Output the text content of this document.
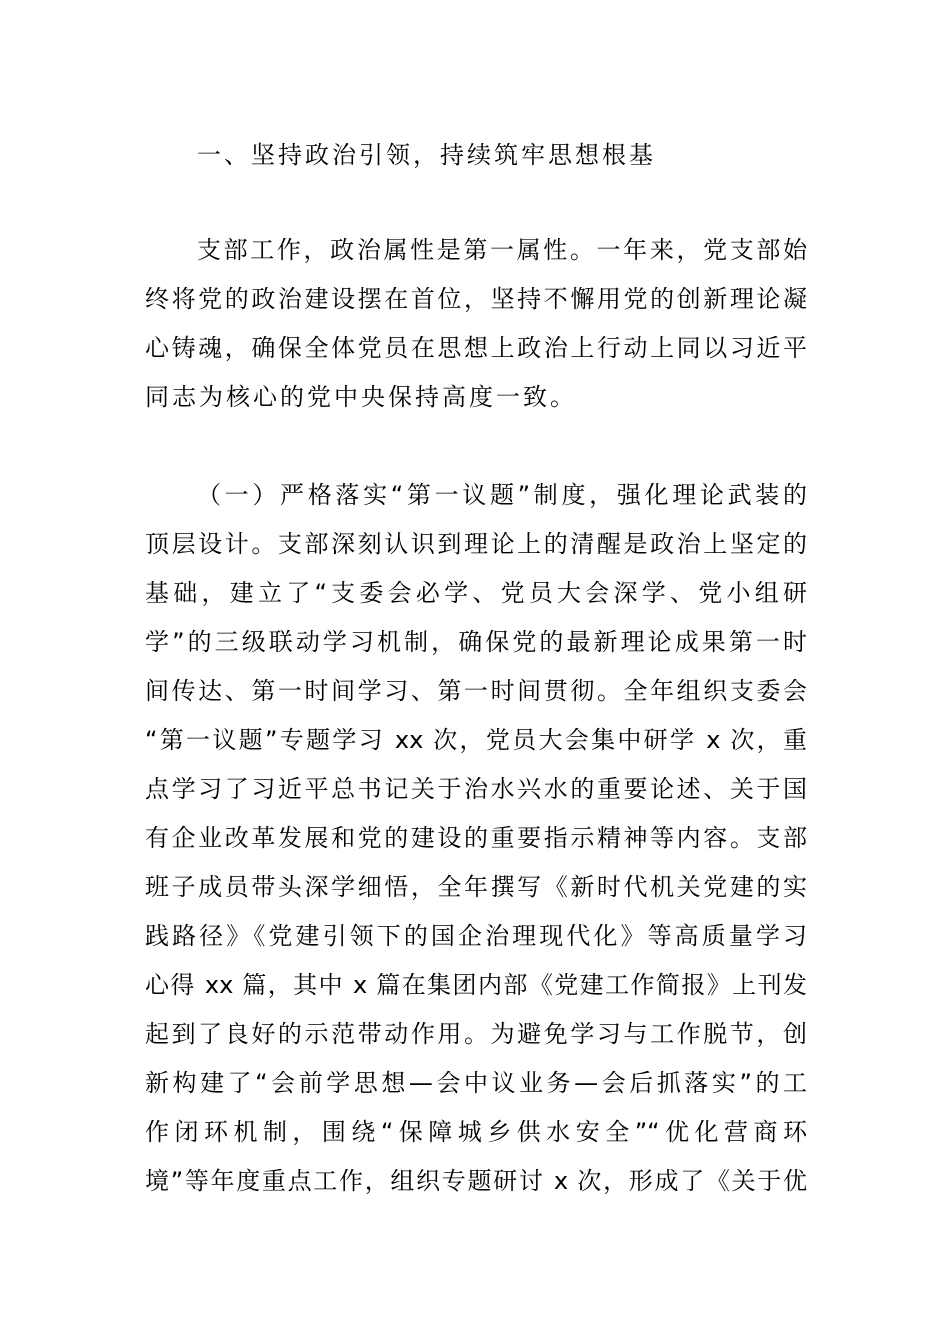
一、坚持政治引领，持续筑牢思想根基
支部工作，政治属性是第一属性。一年来，党支部始
终将党的政治建设摆在首位，坚持不懈用党的创新理论凝
心铸魂，确保全体党员在思想上政治上行动上同以习近平
同志为核心的党中央保持高度一致。
（一）严格落实“第一议题”制度，强化理论武装的
顶层设计。支部深刻认识到理论上的清醒是政治上坚定的
基础，建立了“支委会必学、党员大会深学、党小组研
学”的三级联动学习机制，确保党的最新理论成果第一时
间传达、第一时间学习、第一时间贯彻。全年组织支委会
“第一议题”专题学习 xx 次，党员大会集中研学 x 次，重
点学习了习近平总书记关于治水兴水的重要论述、关于国
有企业改革发展和党的建设的重要指示精神等内容。支部
班子成员带头深学细悟，全年撰写《新时代机关党建的实
践路径》《党建引领下的国企治理现代化》等高质量学习
心得 xx 篇，其中 x 篇在集团内部《党建工作简报》上刊发
起到了良好的示范带动作用。为避免学习与工作脱节，创
新构建了“会前学思想—会中议业务—会后抓落实”的工
作闭环机制，围绕“保障城乡供水安全”“优化营商环
境”等年度重点工作，组织专题研讨 x 次，形成了《关于优
